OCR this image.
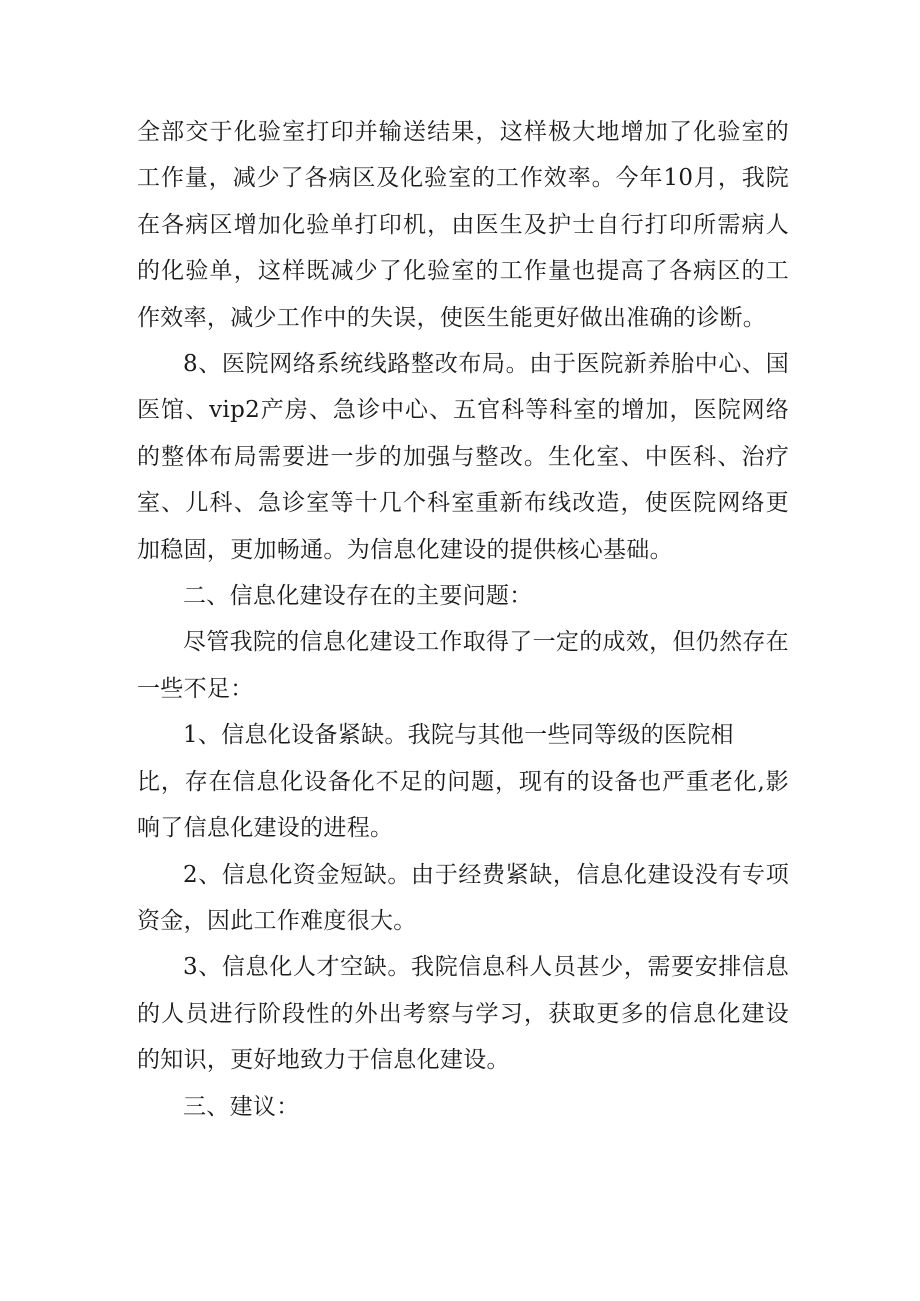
全部交于化验室打印并输送结果，这样极大地增加了化验室的工作量，减少了各病区及化验室的工作效率。今年10月，我院在各病区增加化验单打印机，由医生及护士自行打印所需病人的化验单，这样既减少了化验室的工作量也提高了各病区的工作效率，减少工作中的失误，使医生能更好做出准确的诊断。

8、医院网络系统线路整改布局。由于医院新养胎中心、国医馆、vip2产房、急诊中心、五官科等科室的增加，医院网络的整体布局需要进一步的加强与整改。生化室、中医科、治疗室、儿科、急诊室等十几个科室重新布线改造，使医院网络更加稳固，更加畅通。为信息化建设的提供核心基础。

二、信息化建设存在的主要问题：

尽管我院的信息化建设工作取得了一定的成效，但仍然存在一些不足：

1、信息化设备紧缺。我院与其他一些同等级的医院相
比，存在信息化设备化不足的问题，现有的设备也严重老化,影响了信息化建设的进程。

2、信息化资金短缺。由于经费紧缺，信息化建设没有专项资金，因此工作难度很大。

3、信息化人才空缺。我院信息科人员甚少，需要安排信息的人员进行阶段性的外出考察与学习，获取更多的信息化建设的知识，更好地致力于信息化建设。

三、建议：
